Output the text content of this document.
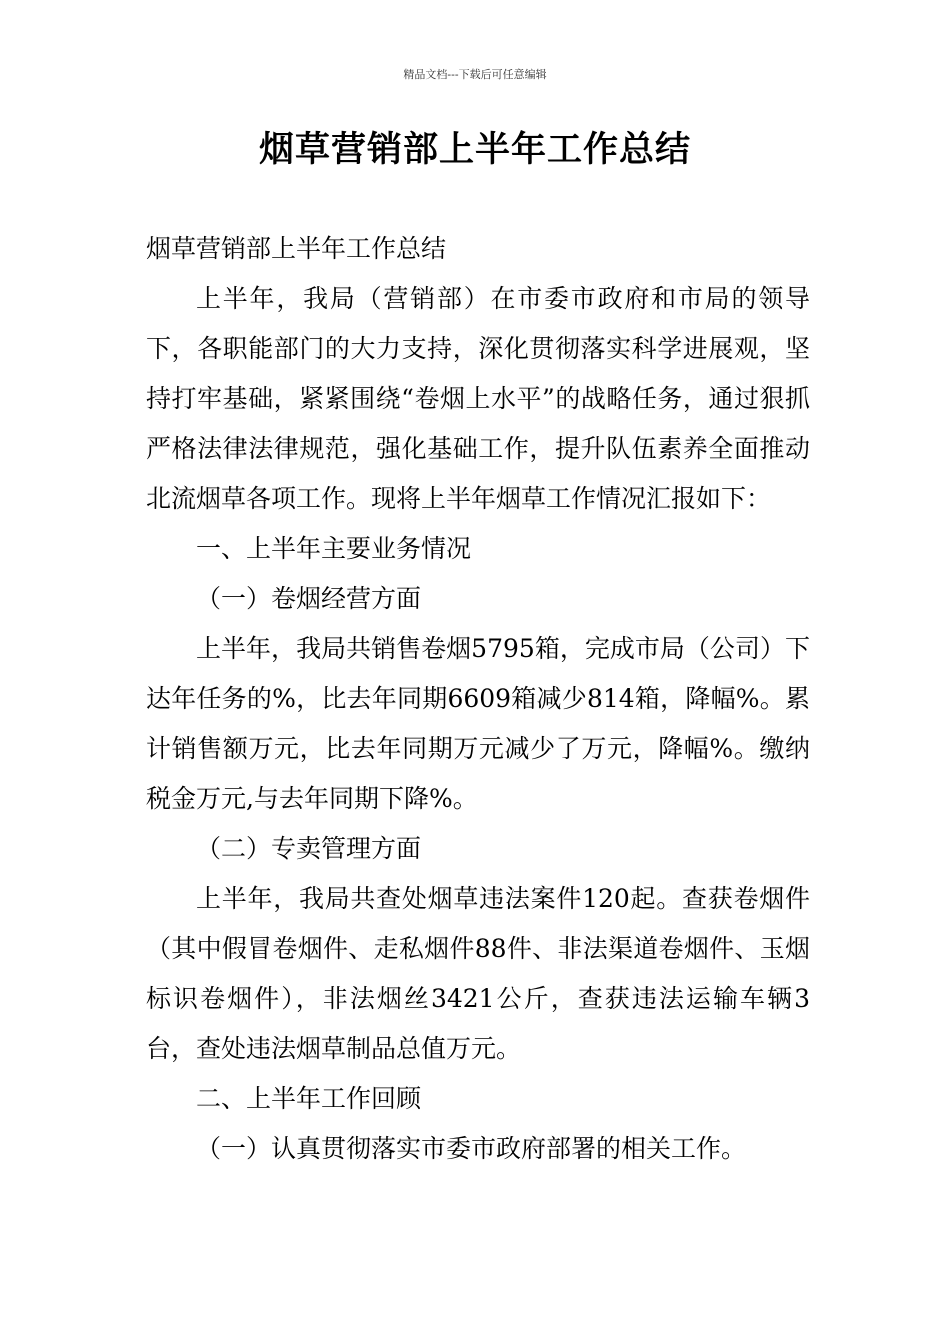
精品文档---下载后可任意编辑
烟草营销部上半年工作总结

烟草营销部上半年工作总结

上半年，我局（营销部）在市委市政府和市局的领导下，各职能部门的大力支持，深化贯彻落实科学进展观，坚持打牢基础，紧紧围绕“卷烟上水平”的战略任务，通过狠抓严格法律法律规范，强化基础工作，提升队伍素养全面推动北流烟草各项工作。现将上半年烟草工作情况汇报如下：

一、上半年主要业务情况

（一）卷烟经营方面

上半年，我局共销售卷烟5795箱，完成市局（公司）下达年任务的%，比去年同期6609箱减少814箱，降幅%。累计销售额万元，比去年同期万元减少了万元，降幅%。缴纳税金万元,与去年同期下降%。

（二）专卖管理方面

上半年，我局共查处烟草违法案件120起。查获卷烟件（其中假冒卷烟件、走私烟件88件、非法渠道卷烟件、玉烟标识卷烟件），非法烟丝3421公斤，查获违法运输车辆3台，查处违法烟草制品总值万元。

二、上半年工作回顾

（一）认真贯彻落实市委市政府部署的相关工作。
